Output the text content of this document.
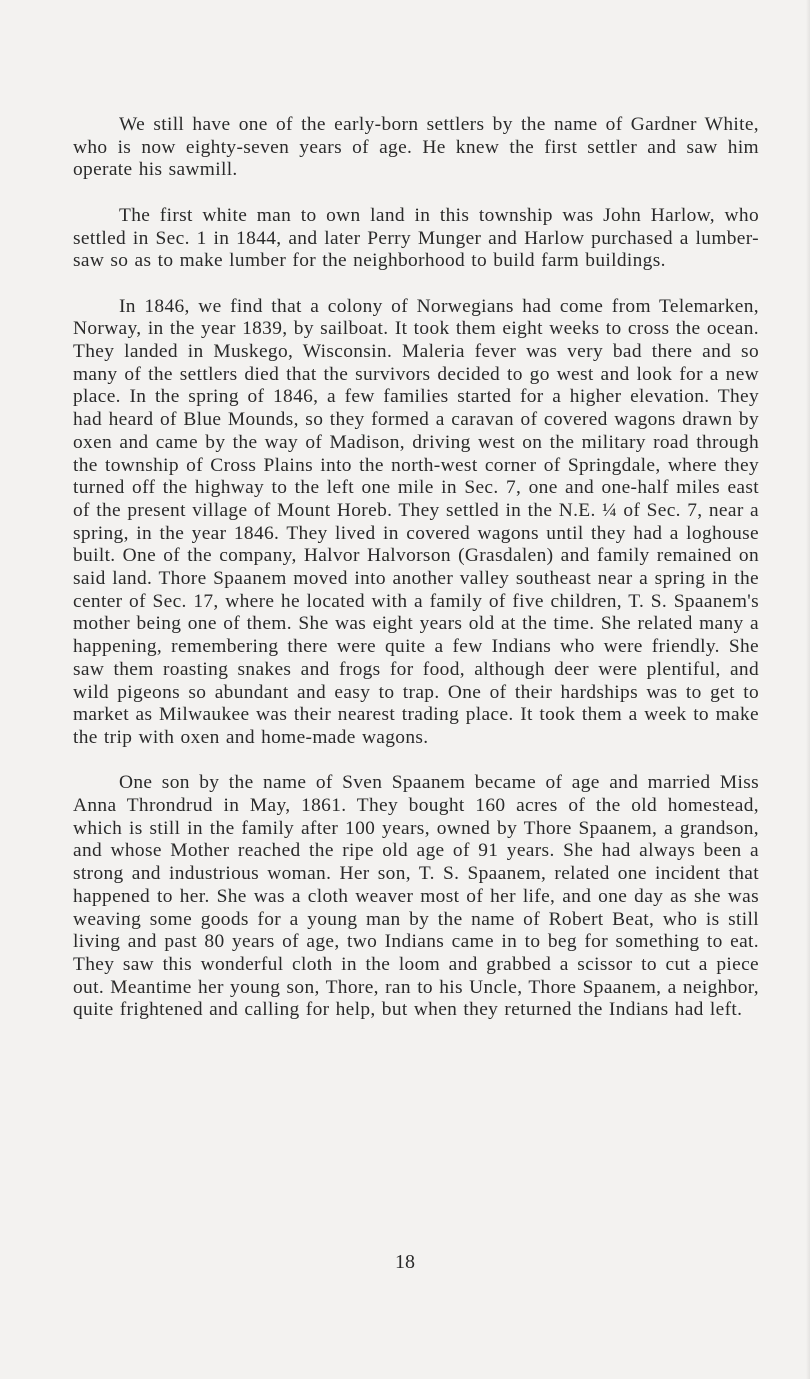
We still have one of the early-born settlers by the name of Gardner White, who is now eighty-seven years of age. He knew the first settler and saw him operate his sawmill.

The first white man to own land in this township was John Harlow, who settled in Sec. 1 in 1844, and later Perry Munger and Harlow purchased a lumber-saw so as to make lumber for the neighborhood to build farm buildings.

In 1846, we find that a colony of Norwegians had come from Telemarken, Norway, in the year 1839, by sailboat. It took them eight weeks to cross the ocean. They landed in Muskego, Wisconsin. Maleria fever was very bad there and so many of the settlers died that the survivors decided to go west and look for a new place. In the spring of 1846, a few families started for a higher elevation. They had heard of Blue Mounds, so they formed a caravan of covered wagons drawn by oxen and came by the way of Madison, driving west on the military road through the township of Cross Plains into the north-west corner of Springdale, where they turned off the highway to the left one mile in Sec. 7, one and one-half miles east of the present village of Mount Horeb. They settled in the N.E. ¼ of Sec. 7, near a spring, in the year 1846. They lived in covered wagons until they had a loghouse built. One of the company, Halvor Halvorson (Grasdalen) and family remained on said land. Thore Spaanem moved into another valley southeast near a spring in the center of Sec. 17, where he located with a family of five children, T. S. Spaanem's mother being one of them. She was eight years old at the time. She related many a happening, remembering there were quite a few Indians who were friendly. She saw them roasting snakes and frogs for food, although deer were plentiful, and wild pigeons so abundant and easy to trap. One of their hardships was to get to market as Milwaukee was their nearest trading place. It took them a week to make the trip with oxen and home-made wagons.

One son by the name of Sven Spaanem became of age and married Miss Anna Throndrud in May, 1861. They bought 160 acres of the old homestead, which is still in the family after 100 years, owned by Thore Spaanem, a grandson, and whose Mother reached the ripe old age of 91 years. She had always been a strong and industrious woman. Her son, T. S. Spaanem, related one incident that happened to her. She was a cloth weaver most of her life, and one day as she was weaving some goods for a young man by the name of Robert Beat, who is still living and past 80 years of age, two Indians came in to beg for something to eat. They saw this wonderful cloth in the loom and grabbed a scissor to cut a piece out. Meantime her young son, Thore, ran to his Uncle, Thore Spaanem, a neighbor, quite frightened and calling for help, but when they returned the Indians had left.

18
